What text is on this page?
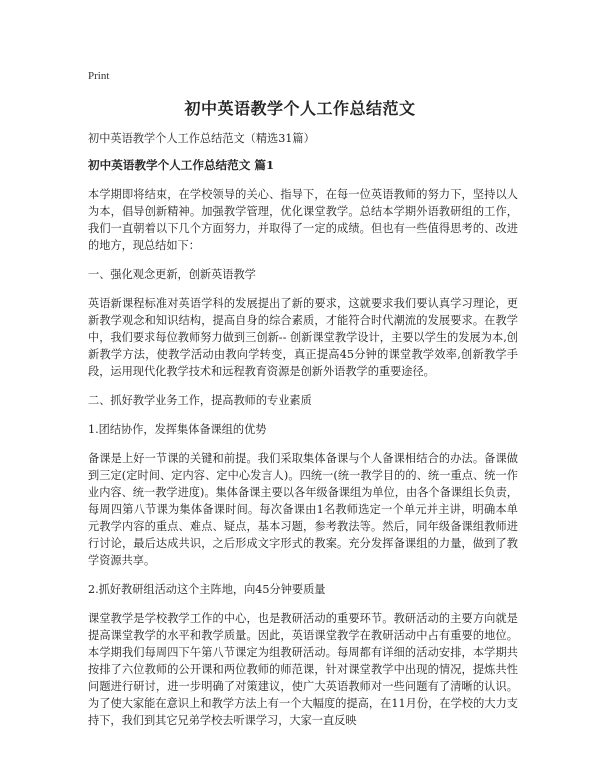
Print
初中英语教学个人工作总结范文

初中英语教学个人工作总结范文（精选31篇）

初中英语教学个人工作总结范文 篇1

本学期即将结束，在学校领导的关心、指导下，在每一位英语教师的努力下，坚持以人为本，倡导创新精神。加强教学管理，优化课堂教学。总结本学期外语教研组的工作，我们一直朝着以下几个方面努力，并取得了一定的成绩。但也有一些值得思考的、改进的地方，现总结如下：

一、强化观念更新，创新英语教学

英语新课程标准对英语学科的发展提出了新的要求，这就要求我们要认真学习理论，更新教学观念和知识结构，提高自身的综合素质，才能符合时代潮流的发展要求。在教学中，我们要求每位教师努力做到三创新-- 创新课堂教学设计，主要以学生的发展为本,创新教学方法，使教学活动由教向学转变，真正提高45分钟的课堂教学效率,创新教学手段，运用现代化教学技术和远程教育资源是创新外语教学的重要途径。

二、抓好教学业务工作，提高教师的专业素质

1.团结协作，发挥集体备课组的优势

备课是上好一节课的关键和前提。我们采取集体备课与个人备课相结合的办法。备课做到三定(定时间、定内容、定中心发言人)。四统一(统一教学目的的、统一重点、统一作业内容、统一教学进度)。集体备课主要以各年级备课组为单位，由各个备课组长负责，每周四第八节课为集体备课时间。每次备课由1名教师选定一个单元并主讲，明确本单元教学内容的重点、难点、疑点，基本习题，参考教法等。然后，同年级备课组教师进行讨论，最后达成共识，之后形成文字形式的教案。充分发挥备课组的力量，做到了教学资源共享。

2.抓好教研组活动这个主阵地，向45分钟要质量

课堂教学是学校教学工作的中心，也是教研活动的重要环节。教研活动的主要方向就是提高课堂教学的水平和教学质量。因此，英语课堂教学在教研活动中占有重要的地位。本学期我们每周四下午第八节课定为组教研活动。每周都有详细的活动安排，本学期共按排了六位教师的公开课和两位教师的师范课，针对课堂教学中出现的情况，提炼共性问题进行研讨，进一步明确了对策建议，使广大英语教师对一些问题有了清晰的认识。为了使大家能在意识上和教学方法上有一个大幅度的提高，在11月份，在学校的大力支持下，我们到其它兄弟学校去听课学习，大家一直反映
